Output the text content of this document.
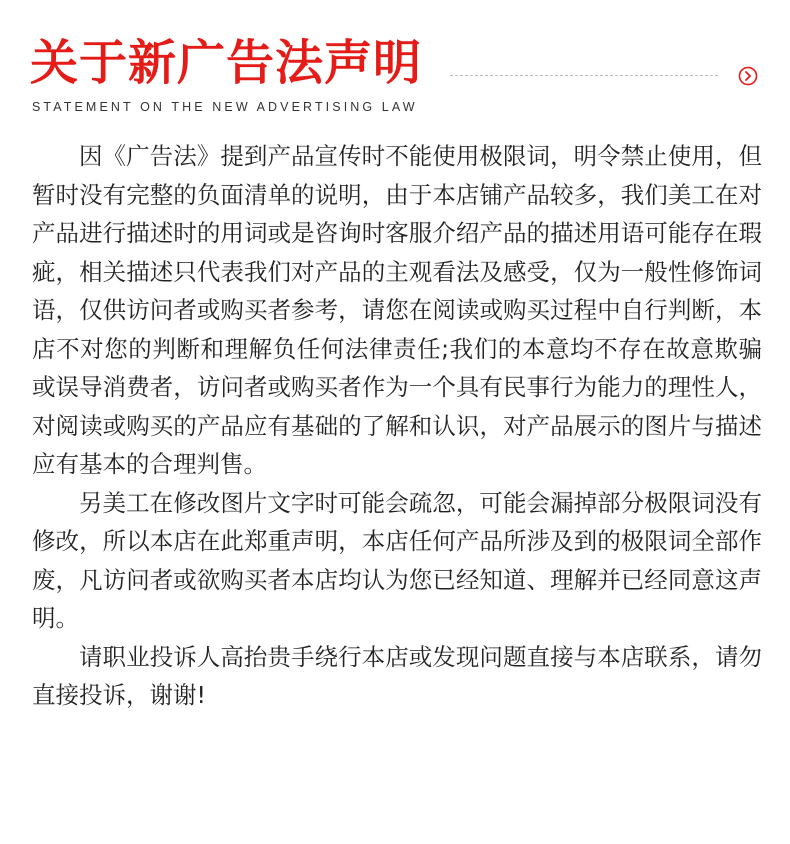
关于新广告法声明
STATEMENT ON THE NEW ADVERTISING LAW

因《广告法》提到产品宣传时不能使用极限词，明令禁止使用，但暂时没有完整的负面清单的说明，由于本店铺产品较多，我们美工在对产品进行描述时的用词或是咨询时客服介绍产品的描述用语可能存在瑕疵，相关描述只代表我们对产品的主观看法及感受，仅为一般性修饰词语，仅供访问者或购买者参考，请您在阅读或购买过程中自行判断，本店不对您的判断和理解负任何法律责任;我们的本意均不存在故意欺骗或误导消费者，访问者或购买者作为一个具有民事行为能力的理性人，对阅读或购买的产品应有基础的了解和认识，对产品展示的图片与描述应有基本的合理判售。

另美工在修改图片文字时可能会疏忽，可能会漏掉部分极限词没有修改，所以本店在此郑重声明，本店任何产品所涉及到的极限词全部作废，凡访问者或欲购买者本店均认为您已经知道、理解并已经同意这声明。

请职业投诉人高抬贵手绕行本店或发现问题直接与本店联系，请勿直接投诉，谢谢!
